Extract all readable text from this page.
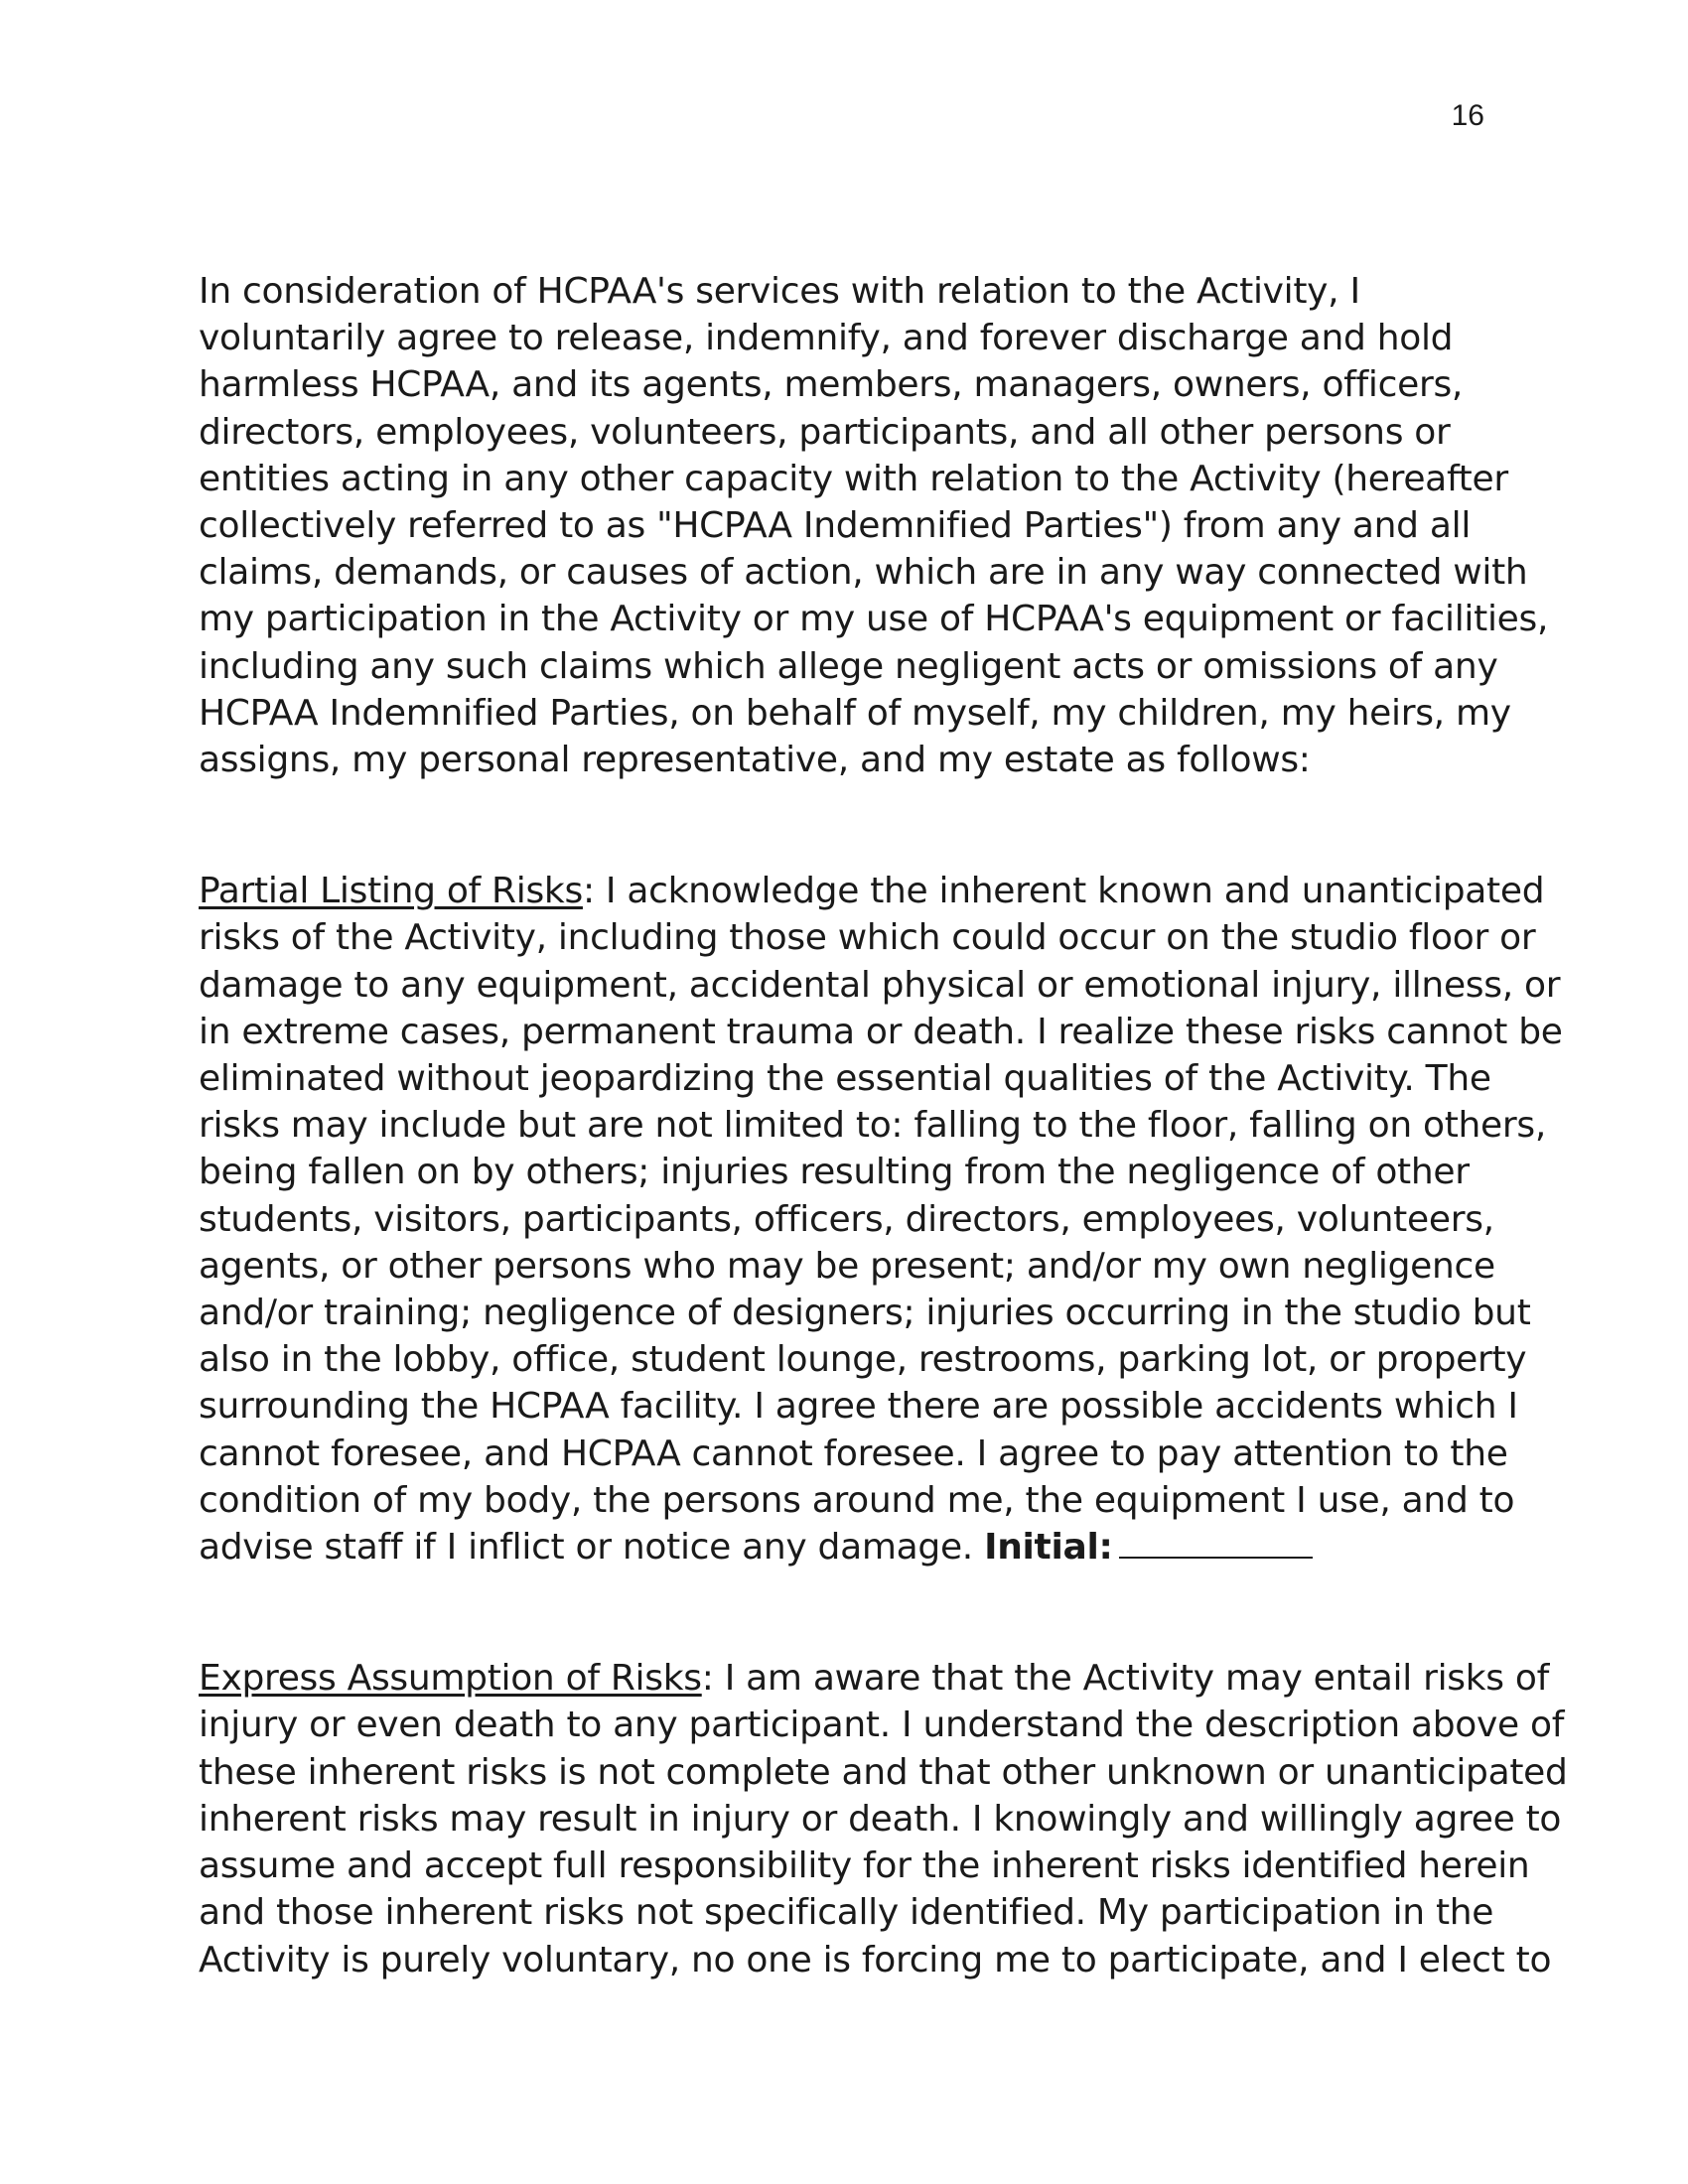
16

In consideration of HCPAA's services with relation to the Activity, I
voluntarily agree to release, indemnify, and forever discharge and hold
harmless HCPAA, and its agents, members, managers, owners, officers,
directors, employees, volunteers, participants, and all other persons or
entities acting in any other capacity with relation to the Activity (hereafter
collectively referred to as "HCPAA Indemnified Parties") from any and all
claims, demands, or causes of action, which are in any way connected with
my participation in the Activity or my use of HCPAA's equipment or facilities,
including any such claims which allege negligent acts or omissions of any
HCPAA Indemnified Parties, on behalf of myself, my children, my heirs, my
assigns, my personal representative, and my estate as follows:

Partial Listing of Risks: I acknowledge the inherent known and unanticipated
risks of the Activity, including those which could occur on the studio floor or
damage to any equipment, accidental physical or emotional injury, illness, or
in extreme cases, permanent trauma or death. I realize these risks cannot be
eliminated without jeopardizing the essential qualities of the Activity. The
risks may include but are not limited to: falling to the floor, falling on others,
being fallen on by others; injuries resulting from the negligence of other
students, visitors, participants, officers, directors, employees, volunteers,
agents, or other persons who may be present; and/or my own negligence
and/or training; negligence of designers; injuries occurring in the studio but
also in the lobby, office, student lounge, restrooms, parking lot, or property
surrounding the HCPAA facility. I agree there are possible accidents which I
cannot foresee, and HCPAA cannot foresee. I agree to pay attention to the
condition of my body, the persons around me, the equipment I use, and to
advise staff if I inflict or notice any damage. Initial:

Express Assumption of Risks: I am aware that the Activity may entail risks of
injury or even death to any participant. I understand the description above of
these inherent risks is not complete and that other unknown or unanticipated
inherent risks may result in injury or death. I knowingly and willingly agree to
assume and accept full responsibility for the inherent risks identified herein
and those inherent risks not specifically identified. My participation in the
Activity is purely voluntary, no one is forcing me to participate, and I elect to
